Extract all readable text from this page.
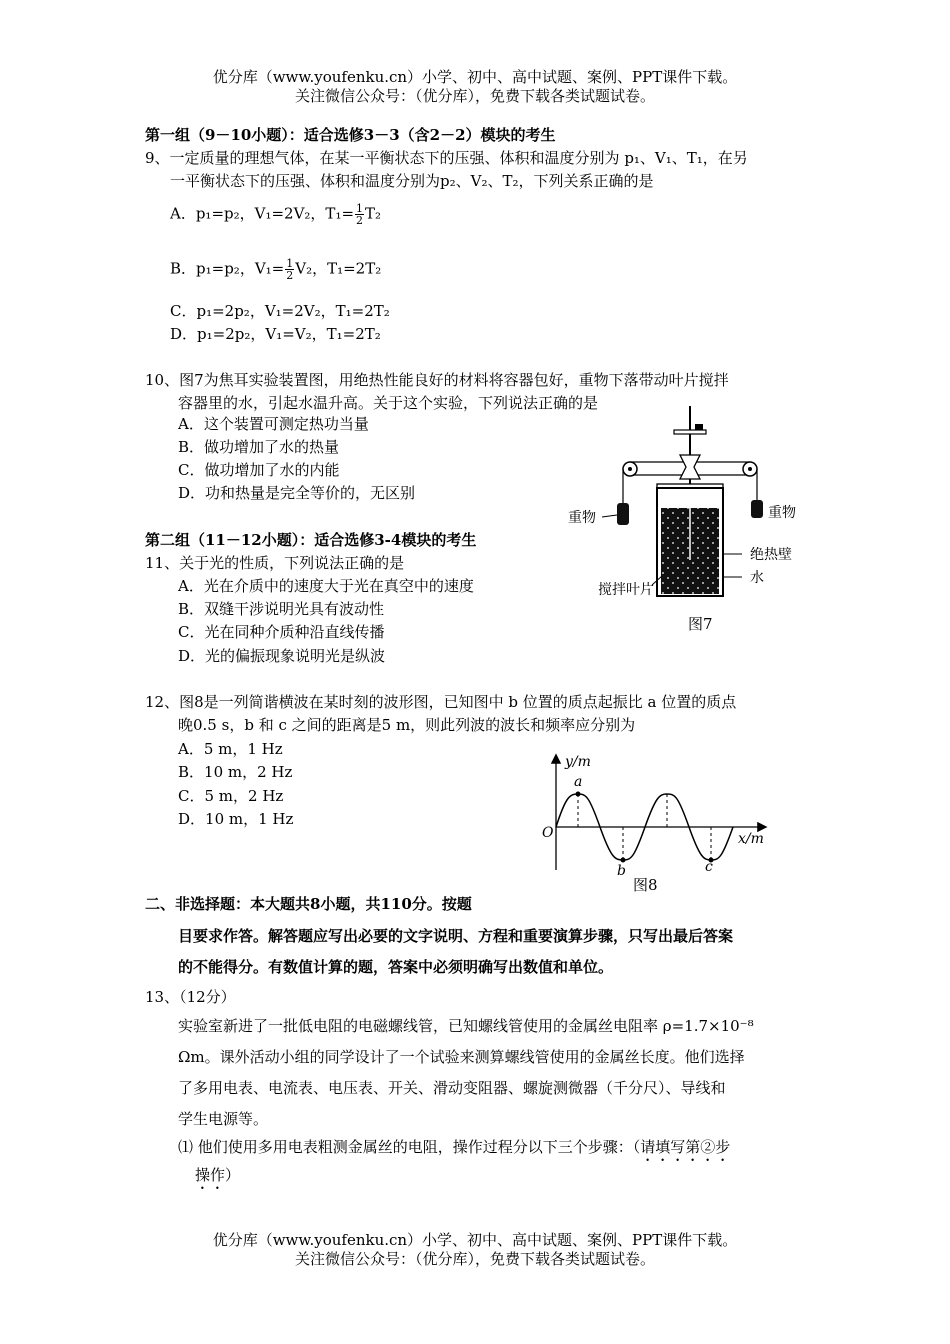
优分库（www.youfenku.cn）小学、初中、高中试题、案例、PPT课件下载。
关注微信公众号：（优分库），免费下载各类试题试卷。
第一组（9－10小题）：适合选修3－3（含2－2）模块的考生
9、一定质量的理想气体，在某一平衡状态下的压强、体积和温度分别为 p₁、V₁、T₁，在另
一平衡状态下的压强、体积和温度分别为p₂、V₂、T₂，下列关系正确的是
A．p₁=p₂，V₁=2V₂，$T_1= \frac{1}{2} T_2$
B．p₁=p₂，$V_1= \frac{1}{2} V_2$，T₁=2T₂
C．p₁=2p₂，V₁=2V₂，T₁=2T₂
D．p₁=2p₂，V₁=V₂，T₁=2T₂
10、图7为焦耳实验装置图，用绝热性能良好的材料将容器包好，重物下落带动叶片搅拌
容器里的水，引起水温升高。关于这个实验，下列说法正确的是
A．这个装置可测定热功当量
B．做功增加了水的热量
C．做功增加了水的内能
D．功和热量是完全等价的，无区别
重物	重物
绝热壁
水
搅拌叶片
图7
第二组（11－12小题）：适合选修3-4模块的考生
11、关于光的性质，下列说法正确的是
A．光在介质中的速度大于光在真空中的速度
B．双缝干涉说明光具有波动性
C．光在同种介质种沿直线传播
D．光的偏振现象说明光是纵波
12、图8是一列简谐横波在某时刻的波形图，已知图中 b 位置的质点起振比 a 位置的质点
晚0.5 s，b 和 c 之间的距离是5 m，则此列波的波长和频率应分别为
A．5 m，1 Hz
B．10 m，2 Hz
C．5 m，2 Hz
D．10 m，1 Hz
y/m
x/m
O
a
b	c
图8
二、非选择题：本大题共8小题，共110分。按题
目要求作答。解答题应写出必要的文字说明、方程和重要演算步骤，只写出最后答案
的不能得分。有数值计算的题，答案中必须明确写出数值和单位。
13、（12分）
实验室新进了一批低电阻的电磁螺线管，已知螺线管使用的金属丝电阻率 ρ=1.7×10⁻⁸
Ωm。课外活动小组的同学设计了一个试验来测算螺线管使用的金属丝长度。他们选择
了多用电表、电流表、电压表、开关、滑动变阻器、螺旋测微器（千分尺）、导线和
学生电源等。
⑴ 他们使用多用电表粗测金属丝的电阻，操作过程分以下三个步骤：（请填写第②步
操作）
优分库（www.youfenku.cn）小学、初中、高中试题、案例、PPT课件下载。
关注微信公众号：（优分库），免费下载各类试题试卷。
